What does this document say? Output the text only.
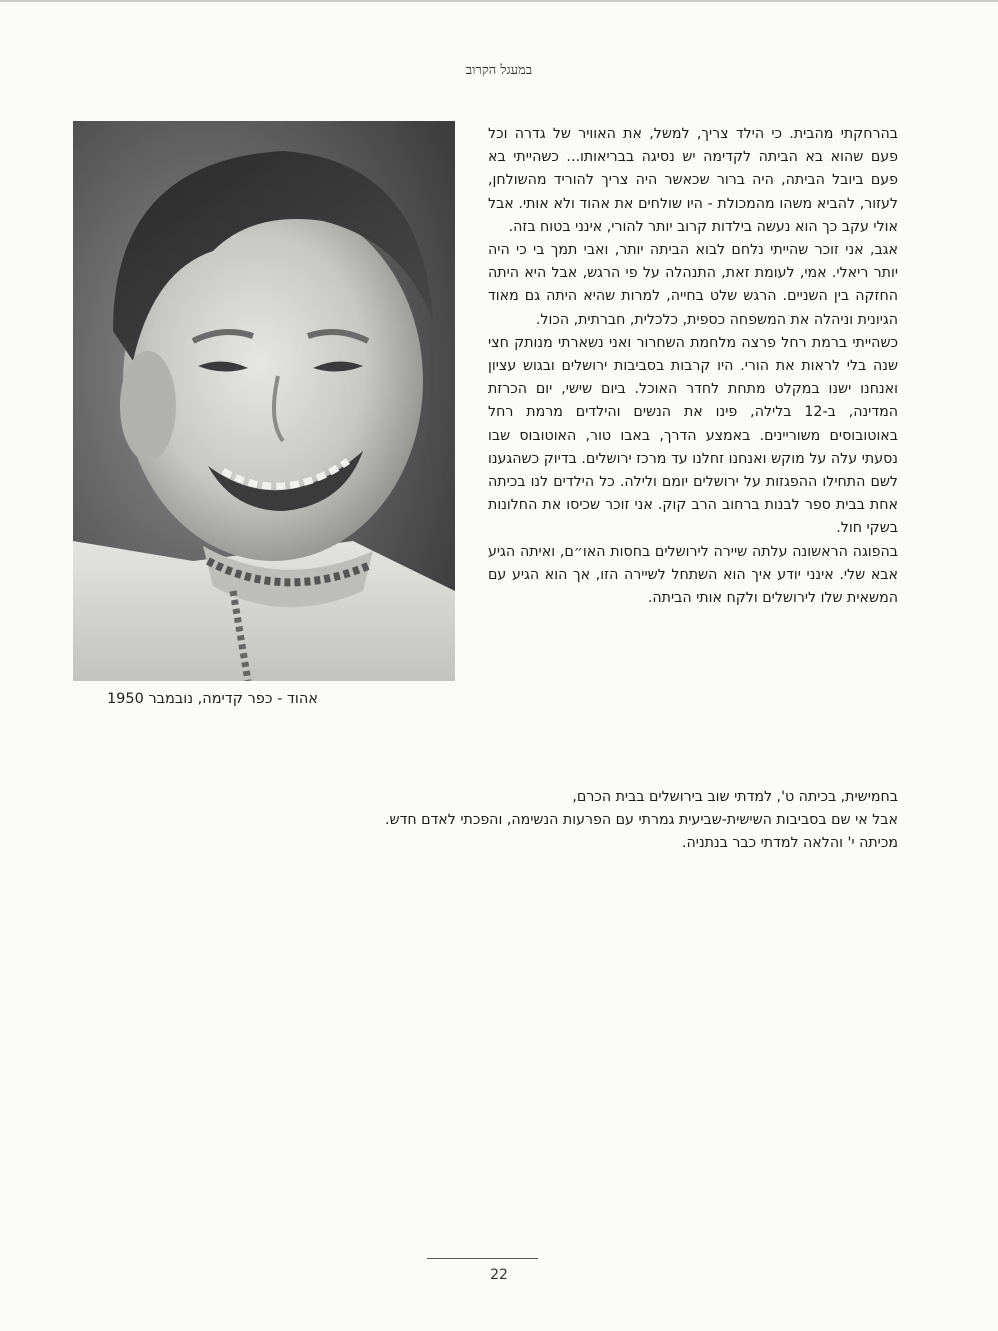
במעגל הקרוב
אהוד - כפר קדימה, נובמבר 1950

בהרחקתי מהבית. כי הילד צריך, למשל, את האוויר של גדרה וכל פעם שהוא בא הביתה לקדימה יש נסיגה בבריאותו... כשהייתי בא פעם ביובל הביתה, היה ברור שכאשר היה צריך להוריד מהשולחן, לעזור, להביא משהו מהמכולת - היו שולחים את אהוד ולא אותי. אבל אולי עקב כך הוא נעשה בילדות קרוב יותר להורי, אינני בטוח בזה.

אגב, אני זוכר שהייתי נלחם לבוא הביתה יותר, ואבי תמך בי כי היה יותר ריאלי. אמי, לעומת זאת, התנהלה על פי הרגש, אבל היא היתה החזקה בין השניים. הרגש שלט בחייה, למרות שהיא היתה גם מאוד הגיונית וניהלה את המשפחה כספית, כלכלית, חברתית, הכול.

כשהייתי ברמת רחל פרצה מלחמת השחרור ואני נשארתי מנותק חצי שנה בלי לראות את הורי. היו קרבות בסביבות ירושלים ובגוש עציון ואנחנו ישנו במקלט מתחת לחדר האוכל. ביום שישי, יום הכרזת המדינה, ב-12 בלילה, פינו את הנשים והילדים מרמת רחל באוטובוסים משוריינים. באמצע הדרך, באבו טור, האוטובוס שבו נסעתי עלה על מוקש ואנחנו זחלנו עד מרכז ירושלים. בדיוק כשהגענו לשם התחילו ההפגזות על ירושלים יומם ולילה. כל הילדים לנו בכיתה אחת בבית ספר לבנות ברחוב הרב קוק. אני זוכר שכיסו את החלונות בשקי חול.

בהפוגה הראשונה עלתה שיירה לירושלים בחסות האו״ם, ואיתה הגיע אבא שלי. אינני יודע איך הוא השתחל לשיירה הזו, אך הוא הגיע עם המשאית שלו לירושלים ולקח אותי הביתה.

בחמישית, בכיתה ט', למדתי שוב בירושלים בבית הכרם,
אבל אי שם בסביבות השישית-שביעית גמרתי עם הפרעות הנשימה, והפכתי לאדם חדש.
מכיתה י' והלאה למדתי כבר בנתניה.
22
